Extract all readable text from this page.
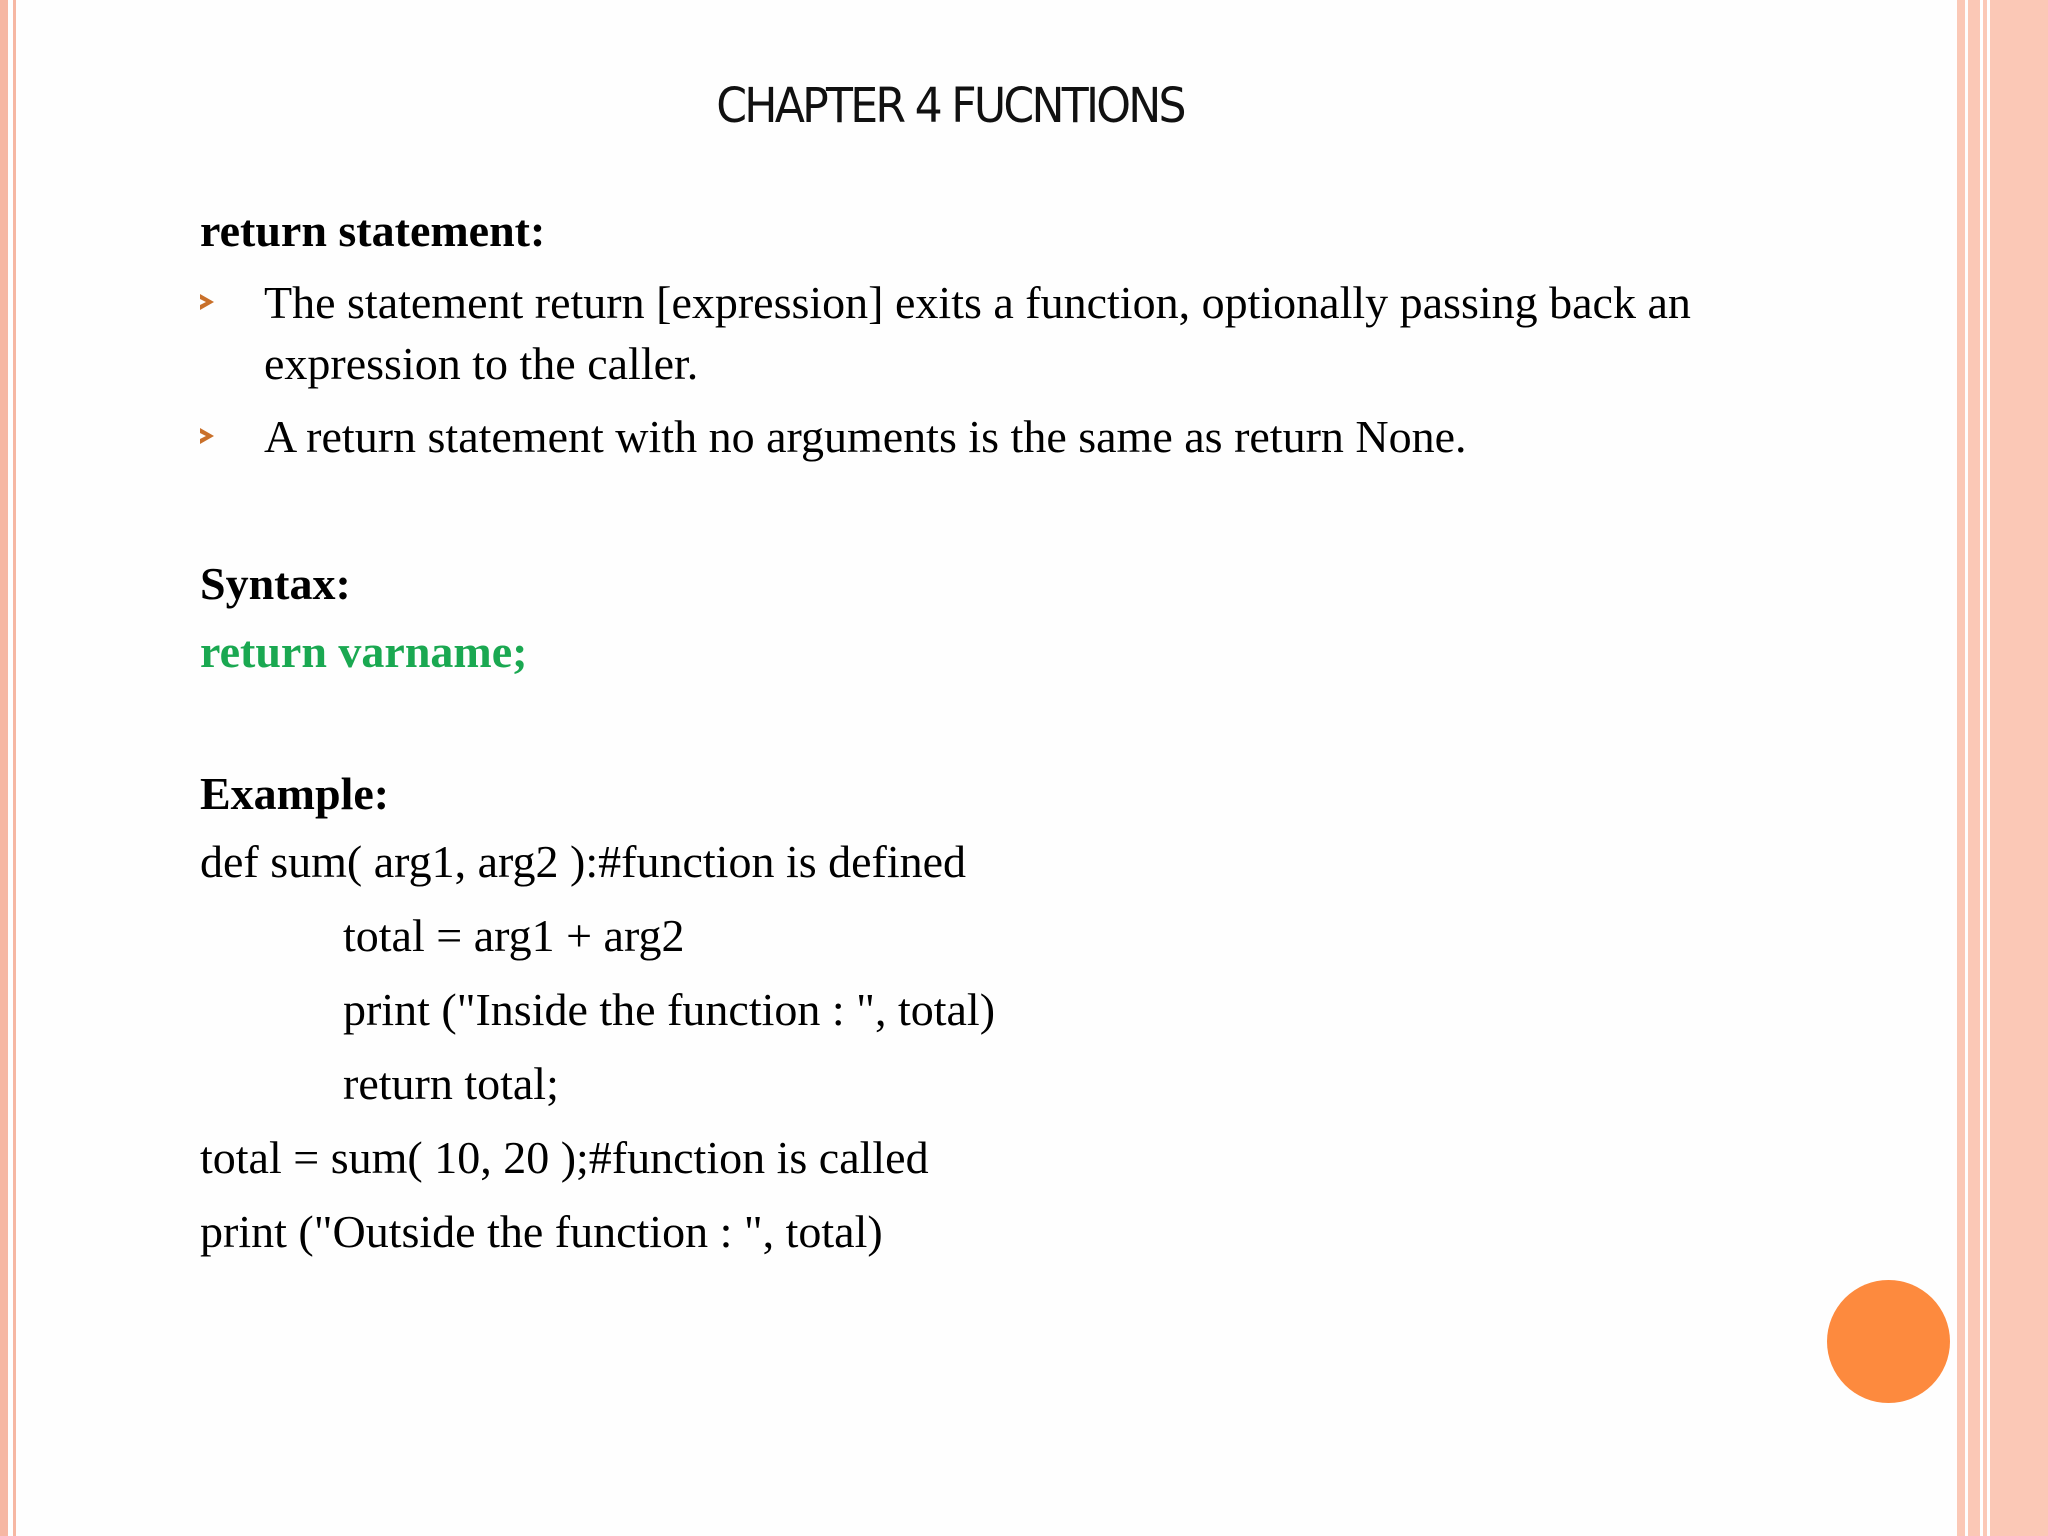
CHAPTER 4 FUCNTIONS

return statement:

The statement return [expression] exits a function, optionally passing back an expression to the caller.
A return statement with no arguments is the same as return None.

Syntax:

return varname;

Example:

def sum( arg1, arg2 ):#function is defined

total = arg1 + arg2

print ("Inside the function : ", total)

return total;

total = sum( 10, 20 );#function is called

print ("Outside the function : ", total)
